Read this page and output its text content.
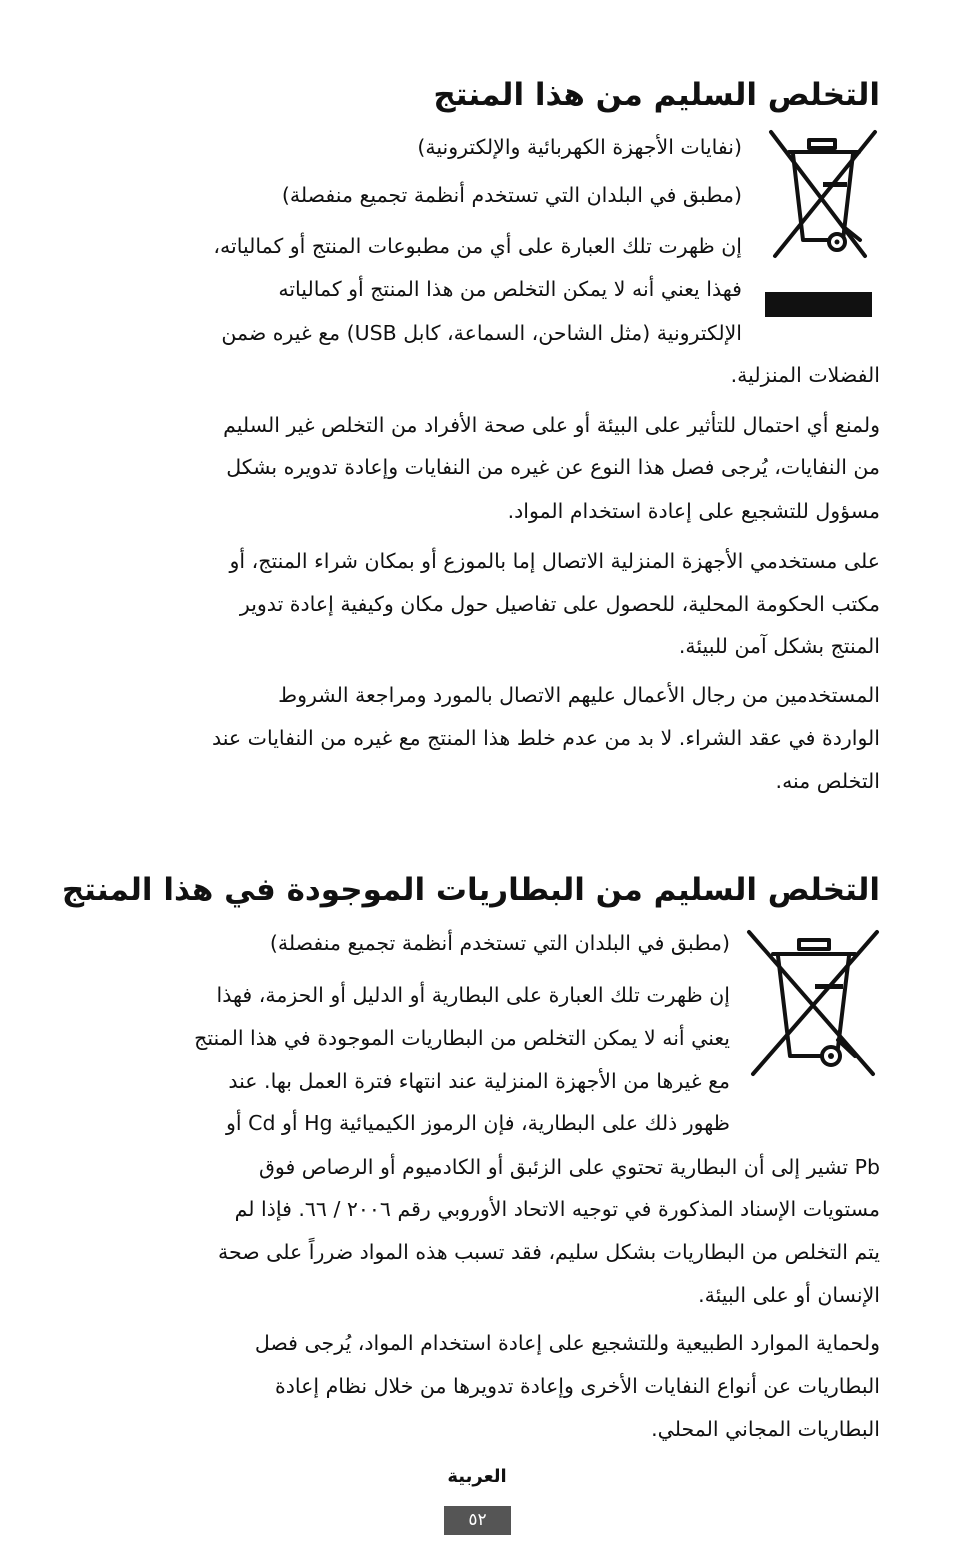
التخلص السليم من هذا المنتج

(نفايات الأجهزة الكهربائية والإلكترونية)

(مطبق في البلدان التي تستخدم أنظمة تجميع منفصلة)

إن ظهرت تلك العبارة على أي من مطبوعات المنتج أو كمالياته،

فهذا يعني أنه لا يمكن التخلص من هذا المنتج أو كمالياته

الإلكترونية (مثل الشاحن، السماعة، كابل USB) مع غيره ضمن

الفضلات المنزلية.

ولمنع أي احتمال للتأثير على البيئة أو على صحة الأفراد من التخلص غير السليم

من النفايات، يُرجى فصل هذا النوع عن غيره من النفايات وإعادة تدويره بشكل

مسؤول للتشجيع على إعادة استخدام المواد.

على مستخدمي الأجهزة المنزلية الاتصال إما بالموزع أو بمكان شراء المنتج، أو

مكتب الحكومة المحلية، للحصول على تفاصيل حول مكان وكيفية إعادة تدوير

المنتج بشكل آمن للبيئة.

المستخدمين من رجال الأعمال عليهم الاتصال بالمورد ومراجعة الشروط

الواردة في عقد الشراء. لا بد من عدم خلط هذا المنتج مع غيره من النفايات عند

التخلص منه.

التخلص السليم من البطاريات الموجودة في هذا المنتج

(مطبق في البلدان التي تستخدم أنظمة تجميع منفصلة)

إن ظهرت تلك العبارة على البطارية أو الدليل أو الحزمة، فهذا

يعني أنه لا يمكن التخلص من البطاريات الموجودة في هذا المنتج

مع غيرها من الأجهزة المنزلية عند انتهاء فترة العمل بها. عند

ظهور ذلك على البطارية، فإن الرموز الكيميائية Hg أو Cd أو

Pb تشير إلى أن البطارية تحتوي على الزئبق أو الكادميوم أو الرصاص فوق

مستويات الإسناد المذكورة في توجيه الاتحاد الأوروبي رقم ٢٠٠٦ / ٦٦. فإذا لم

يتم التخلص من البطاريات بشكل سليم، فقد تسبب هذه المواد ضرراً على صحة

الإنسان أو على البيئة.

ولحماية الموارد الطبيعية وللتشجيع على إعادة استخدام المواد، يُرجى فصل

البطاريات عن أنواع النفايات الأخرى وإعادة تدويرها من خلال نظام إعادة

البطاريات المجاني المحلي.

العربية
٥٢
